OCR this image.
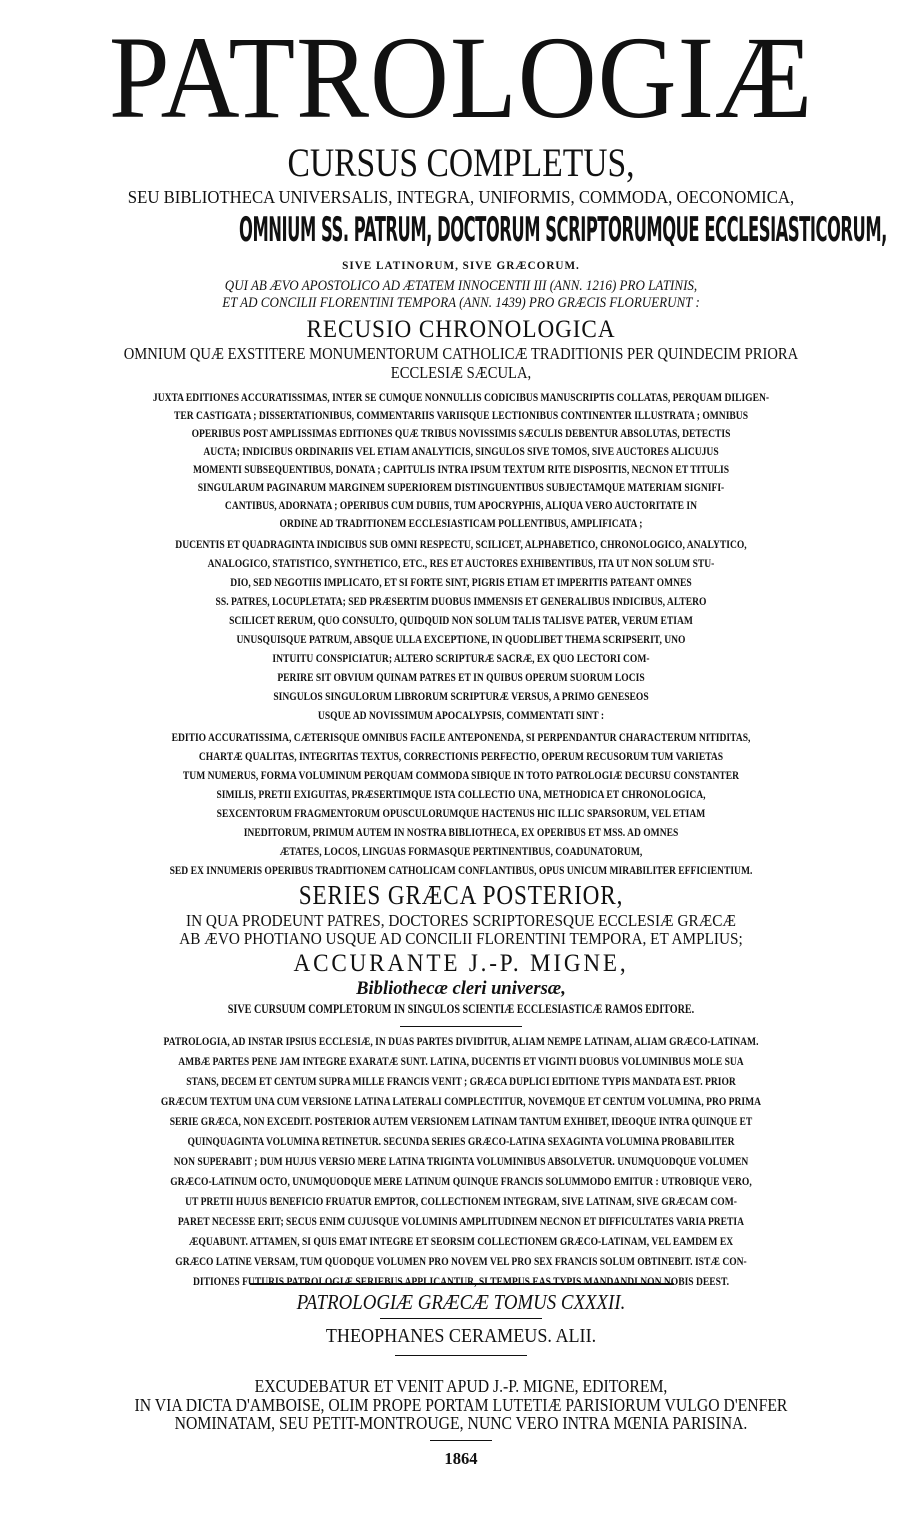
PATROLOGIÆ
CURSUS COMPLETUS,
SEU BIBLIOTHECA UNIVERSALIS, INTEGRA, UNIFORMIS, COMMODA, OECONOMICA,
OMNIUM SS. PATRUM, DOCTORUM SCRIPTORUMQUE ECCLESIASTICORUM,
SIVE LATINORUM, SIVE GRÆCORUM.
QUI AB ÆVO APOSTOLICO AD ÆTATEM INNOCENTII III (ANN. 1216) PRO LATINIS,
ET AD CONCILII FLORENTINI TEMPORA (ANN. 1439) PRO GRÆCIS FLORUERUNT :
RECUSIO CHRONOLOGICA
OMNIUM QUÆ EXSTITERE MONUMENTORUM CATHOLICÆ TRADITIONIS PER QUINDECIM PRIORA
ECCLESIÆ SÆCULA,
JUXTA EDITIONES ACCURATISSIMAS, INTER SE CUMQUE NONNULLIS CODICIBUS MANUSCRIPTIS COLLATAS, PERQUAM DILIGEN-
TER CASTIGATA ; DISSERTATIONIBUS, COMMENTARIIS VARIISQUE LECTIONIBUS CONTINENTER ILLUSTRATA ; OMNIBUS
OPERIBUS POST AMPLISSIMAS EDITIONES QUÆ TRIBUS NOVISSIMIS SÆCULIS DEBENTUR ABSOLUTAS, DETECTIS
AUCTA; INDICIBUS ORDINARIIS VEL ETIAM ANALYTICIS, SINGULOS SIVE TOMOS, SIVE AUCTORES ALICUJUS
MOMENTI SUBSEQUENTIBUS, DONATA ; CAPITULIS INTRA IPSUM TEXTUM RITE DISPOSITIS, NECNON ET TITULIS
SINGULARUM PAGINARUM MARGINEM SUPERIOREM DISTINGUENTIBUS SUBJECTAMQUE MATERIAM SIGNIFI-
CANTIBUS, ADORNATA ; OPERIBUS CUM DUBIIS, TUM APOCRYPHIS, ALIQUA VERO AUCTORITATE IN
ORDINE AD TRADITIONEM ECCLESIASTICAM POLLENTIBUS, AMPLIFICATA ;
DUCENTIS ET QUADRAGINTA INDICIBUS SUB OMNI RESPECTU, SCILICET, ALPHABETICO, CHRONOLOGICO, ANALYTICO,
ANALOGICO, STATISTICO, SYNTHETICO, ETC., RES ET AUCTORES EXHIBENTIBUS, ITA UT NON SOLUM STU-
DIO, SED NEGOTIIS IMPLICATO, ET SI FORTE SINT, PIGRIS ETIAM ET IMPERITIS PATEANT OMNES
SS. PATRES, LOCUPLETATA; SED PRÆSERTIM DUOBUS IMMENSIS ET GENERALIBUS INDICIBUS, ALTERO
SCILICET RERUM, QUO CONSULTO, QUIDQUID NON SOLUM TALIS TALISVE PATER, VERUM ETIAM
UNUSQUISQUE PATRUM, ABSQUE ULLA EXCEPTIONE, IN QUODLIBET THEMA SCRIPSERIT, UNO
INTUITU CONSPICIATUR; ALTERO SCRIPTURÆ SACRÆ, EX QUO LECTORI COM-
PERIRE SIT OBVIUM QUINAM PATRES ET IN QUIBUS OPERUM SUORUM LOCIS
SINGULOS SINGULORUM LIBRORUM SCRIPTURÆ VERSUS, A PRIMO GENESEOS
USQUE AD NOVISSIMUM APOCALYPSIS, COMMENTATI SINT :
EDITIO ACCURATISSIMA, CÆTERISQUE OMNIBUS FACILE ANTEPONENDA, SI PERPENDANTUR CHARACTERUM NITIDITAS,
CHARTÆ QUALITAS, INTEGRITAS TEXTUS, CORRECTIONIS PERFECTIO, OPERUM RECUSORUM TUM VARIETAS
TUM NUMERUS, FORMA VOLUMINUM PERQUAM COMMODA SIBIQUE IN TOTO PATROLOGIÆ DECURSU CONSTANTER
SIMILIS, PRETII EXIGUITAS, PRÆSERTIMQUE ISTA COLLECTIO UNA, METHODICA ET CHRONOLOGICA,
SEXCENTORUM FRAGMENTORUM OPUSCULORUMQUE HACTENUS HIC ILLIC SPARSORUM, VEL ETIAM
INEDITORUM, PRIMUM AUTEM IN NOSTRA BIBLIOTHECA, EX OPERIBUS ET MSS. AD OMNES
ÆTATES, LOCOS, LINGUAS FORMASQUE PERTINENTIBUS, COADUNATORUM,
SED EX INNUMERIS OPERIBUS TRADITIONEM CATHOLICAM CONFLANTIBUS, OPUS UNICUM MIRABILITER EFFICIENTIUM.
SERIES GRÆCA POSTERIOR,
IN QUA PRODEUNT PATRES, DOCTORES SCRIPTORESQUE ECCLESIÆ GRÆCÆ
AB ÆVO PHOTIANO USQUE AD CONCILII FLORENTINI TEMPORA, ET AMPLIUS;
ACCURANTE J.-P. MIGNE,
Bibliothecæ cleri universæ,
SIVE CURSUUM COMPLETORUM IN SINGULOS SCIENTIÆ ECCLESIASTICÆ RAMOS EDITORE.
PATROLOGIA, AD INSTAR IPSIUS ECCLESIÆ, IN DUAS PARTES DIVIDITUR, ALIAM NEMPE LATINAM, ALIAM GRÆCO-LATINAM.
AMBÆ PARTES PENE JAM INTEGRE EXARATÆ SUNT. LATINA, DUCENTIS ET VIGINTI DUOBUS VOLUMINIBUS MOLE SUA
STANS, DECEM ET CENTUM SUPRA MILLE FRANCIS VENIT ; GRÆCA DUPLICI EDITIONE TYPIS MANDATA EST. PRIOR
GRÆCUM TEXTUM UNA CUM VERSIONE LATINA LATERALI COMPLECTITUR, NOVEMQUE ET CENTUM VOLUMINA, PRO PRIMA
SERIE GRÆCA, NON EXCEDIT. POSTERIOR AUTEM VERSIONEM LATINAM TANTUM EXHIBET, IDEOQUE INTRA QUINQUE ET
QUINQUAGINTA VOLUMINA RETINETUR. SECUNDA SERIES GRÆCO-LATINA SEXAGINTA VOLUMINA PROBABILITER
NON SUPERABIT ; DUM HUJUS VERSIO MERE LATINA TRIGINTA VOLUMINIBUS ABSOLVETUR. UNUMQUODQUE VOLUMEN
GRÆCO-LATINUM OCTO, UNUMQUODQUE MERE LATINUM QUINQUE FRANCIS SOLUMMODO EMITUR : UTROBIQUE VERO,
UT PRETII HUJUS BENEFICIO FRUATUR EMPTOR, COLLECTIONEM INTEGRAM, SIVE LATINAM, SIVE GRÆCAM COM-
PARET NECESSE ERIT; SECUS ENIM CUJUSQUE VOLUMINIS AMPLITUDINEM NECNON ET DIFFICULTATES VARIA PRETIA
ÆQUABUNT. ATTAMEN, SI QUIS EMAT INTEGRE ET SEORSIM COLLECTIONEM GRÆCO-LATINAM, VEL EAMDEM EX
GRÆCO LATINE VERSAM, TUM QUODQUE VOLUMEN PRO NOVEM VEL PRO SEX FRANCIS SOLUM OBTINEBIT. ISTÆ CON-
DITIONES FUTURIS PATROLOGIÆ SERIEBUS APPLICANTUR, SI TEMPUS EAS TYPIS MANDANDI NON NOBIS DEEST.
PATROLOGIÆ GRÆCÆ TOMUS CXXXII.
THEOPHANES CERAMEUS. ALII.
EXCUDEBATUR ET VENIT APUD J.-P. MIGNE, EDITOREM,
IN VIA DICTA D'AMBOISE, OLIM PROPE PORTAM LUTETIÆ PARISIORUM VULGO D'ENFER
NOMINATAM, SEU PETIT-MONTROUGE, NUNC VERO INTRA MŒNIA PARISINA.
1864
